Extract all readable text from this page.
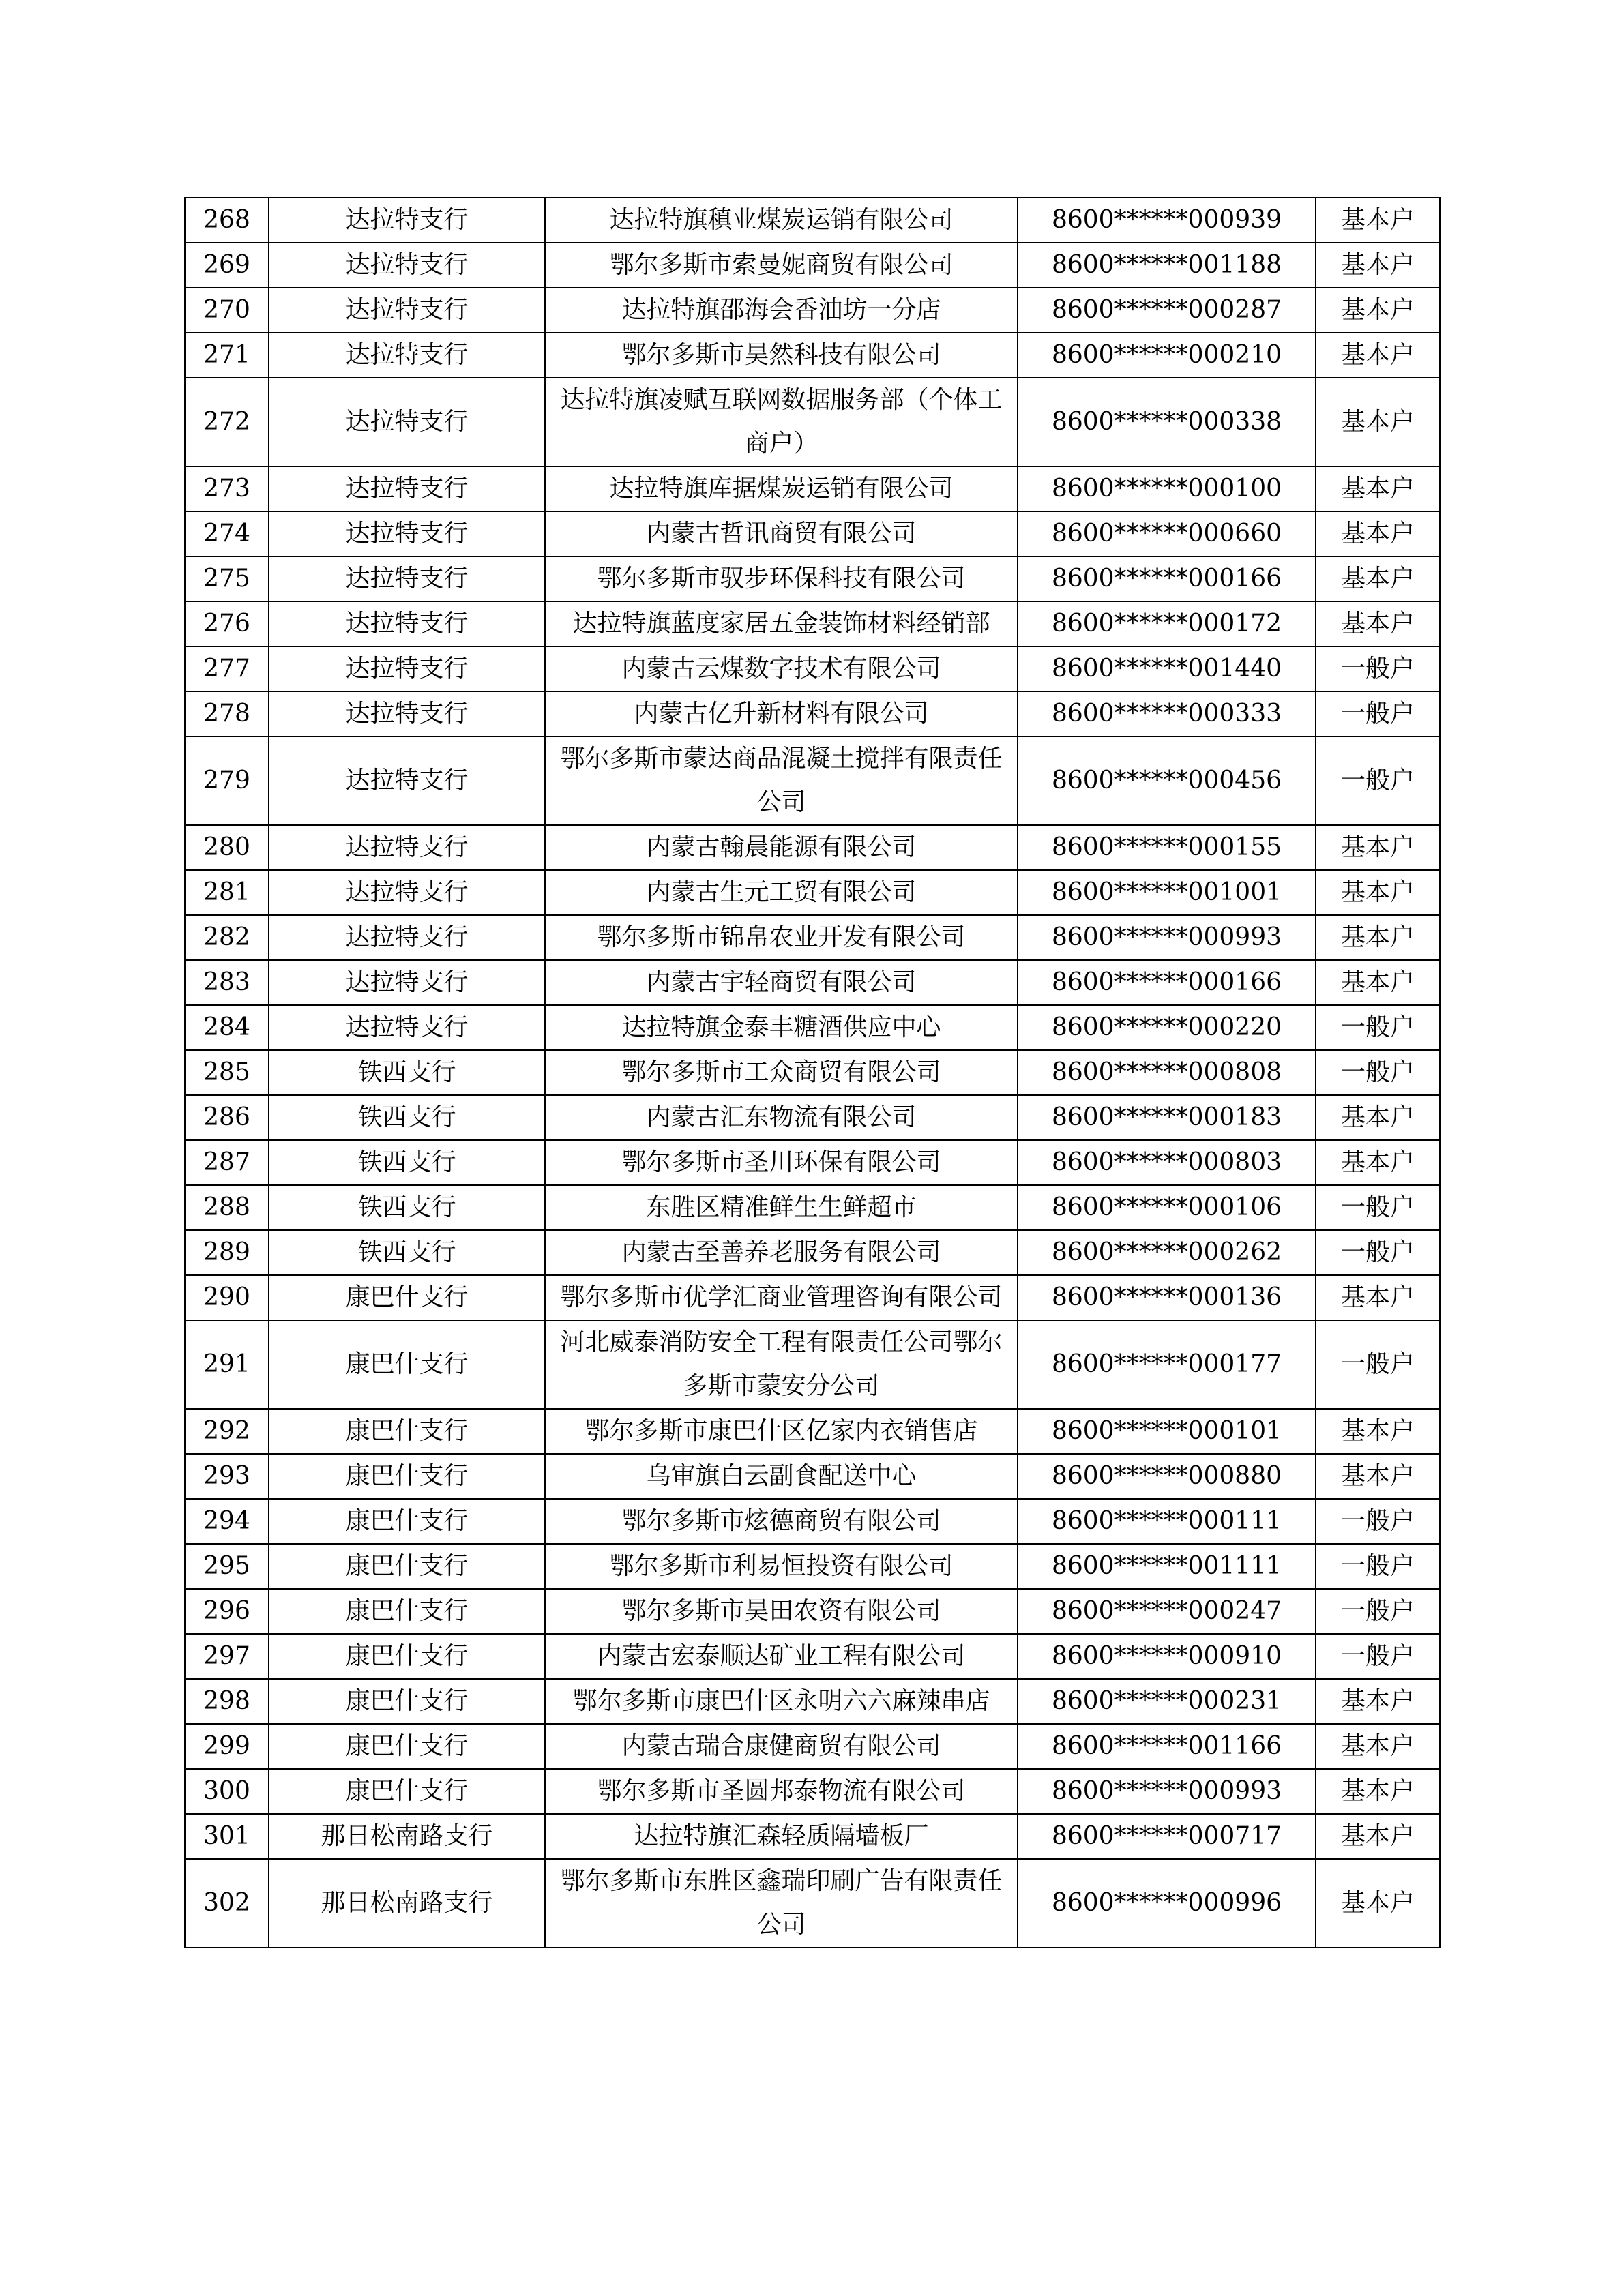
268	达拉特支行	达拉特旗稹业煤炭运销有限公司	8600******000939	基本户
269	达拉特支行	鄂尔多斯市索曼妮商贸有限公司	8600******001188	基本户
270	达拉特支行	达拉特旗邵海会香油坊一分店	8600******000287	基本户
271	达拉特支行	鄂尔多斯市昊然科技有限公司	8600******000210	基本户
272	达拉特支行	达拉特旗凌赋互联网数据服务部（个体工商户）	8600******000338	基本户
273	达拉特支行	达拉特旗库据煤炭运销有限公司	8600******000100	基本户
274	达拉特支行	内蒙古哲讯商贸有限公司	8600******000660	基本户
275	达拉特支行	鄂尔多斯市驭步环保科技有限公司	8600******000166	基本户
276	达拉特支行	达拉特旗蓝度家居五金装饰材料经销部	8600******000172	基本户
277	达拉特支行	内蒙古云煤数字技术有限公司	8600******001440	一般户
278	达拉特支行	内蒙古亿升新材料有限公司	8600******000333	一般户
279	达拉特支行	鄂尔多斯市蒙达商品混凝土搅拌有限责任公司	8600******000456	一般户
280	达拉特支行	内蒙古翰晨能源有限公司	8600******000155	基本户
281	达拉特支行	内蒙古生元工贸有限公司	8600******001001	基本户
282	达拉特支行	鄂尔多斯市锦帛农业开发有限公司	8600******000993	基本户
283	达拉特支行	内蒙古宇轻商贸有限公司	8600******000166	基本户
284	达拉特支行	达拉特旗金泰丰糖酒供应中心	8600******000220	一般户
285	铁西支行	鄂尔多斯市工众商贸有限公司	8600******000808	一般户
286	铁西支行	内蒙古汇东物流有限公司	8600******000183	基本户
287	铁西支行	鄂尔多斯市圣川环保有限公司	8600******000803	基本户
288	铁西支行	东胜区精准鲜生生鲜超市	8600******000106	一般户
289	铁西支行	内蒙古至善养老服务有限公司	8600******000262	一般户
290	康巴什支行	鄂尔多斯市优学汇商业管理咨询有限公司	8600******000136	基本户
291	康巴什支行	河北威泰消防安全工程有限责任公司鄂尔多斯市蒙安分公司	8600******000177	一般户
292	康巴什支行	鄂尔多斯市康巴什区亿家内衣销售店	8600******000101	基本户
293	康巴什支行	乌审旗白云副食配送中心	8600******000880	基本户
294	康巴什支行	鄂尔多斯市炫德商贸有限公司	8600******000111	一般户
295	康巴什支行	鄂尔多斯市利易恒投资有限公司	8600******001111	一般户
296	康巴什支行	鄂尔多斯市昊田农资有限公司	8600******000247	一般户
297	康巴什支行	内蒙古宏泰顺达矿业工程有限公司	8600******000910	一般户
298	康巴什支行	鄂尔多斯市康巴什区永明六六麻辣串店	8600******000231	基本户
299	康巴什支行	内蒙古瑞合康健商贸有限公司	8600******001166	基本户
300	康巴什支行	鄂尔多斯市圣圆邦泰物流有限公司	8600******000993	基本户
301	那日松南路支行	达拉特旗汇森轻质隔墙板厂	8600******000717	基本户
302	那日松南路支行	鄂尔多斯市东胜区鑫瑞印刷广告有限责任公司	8600******000996	基本户
